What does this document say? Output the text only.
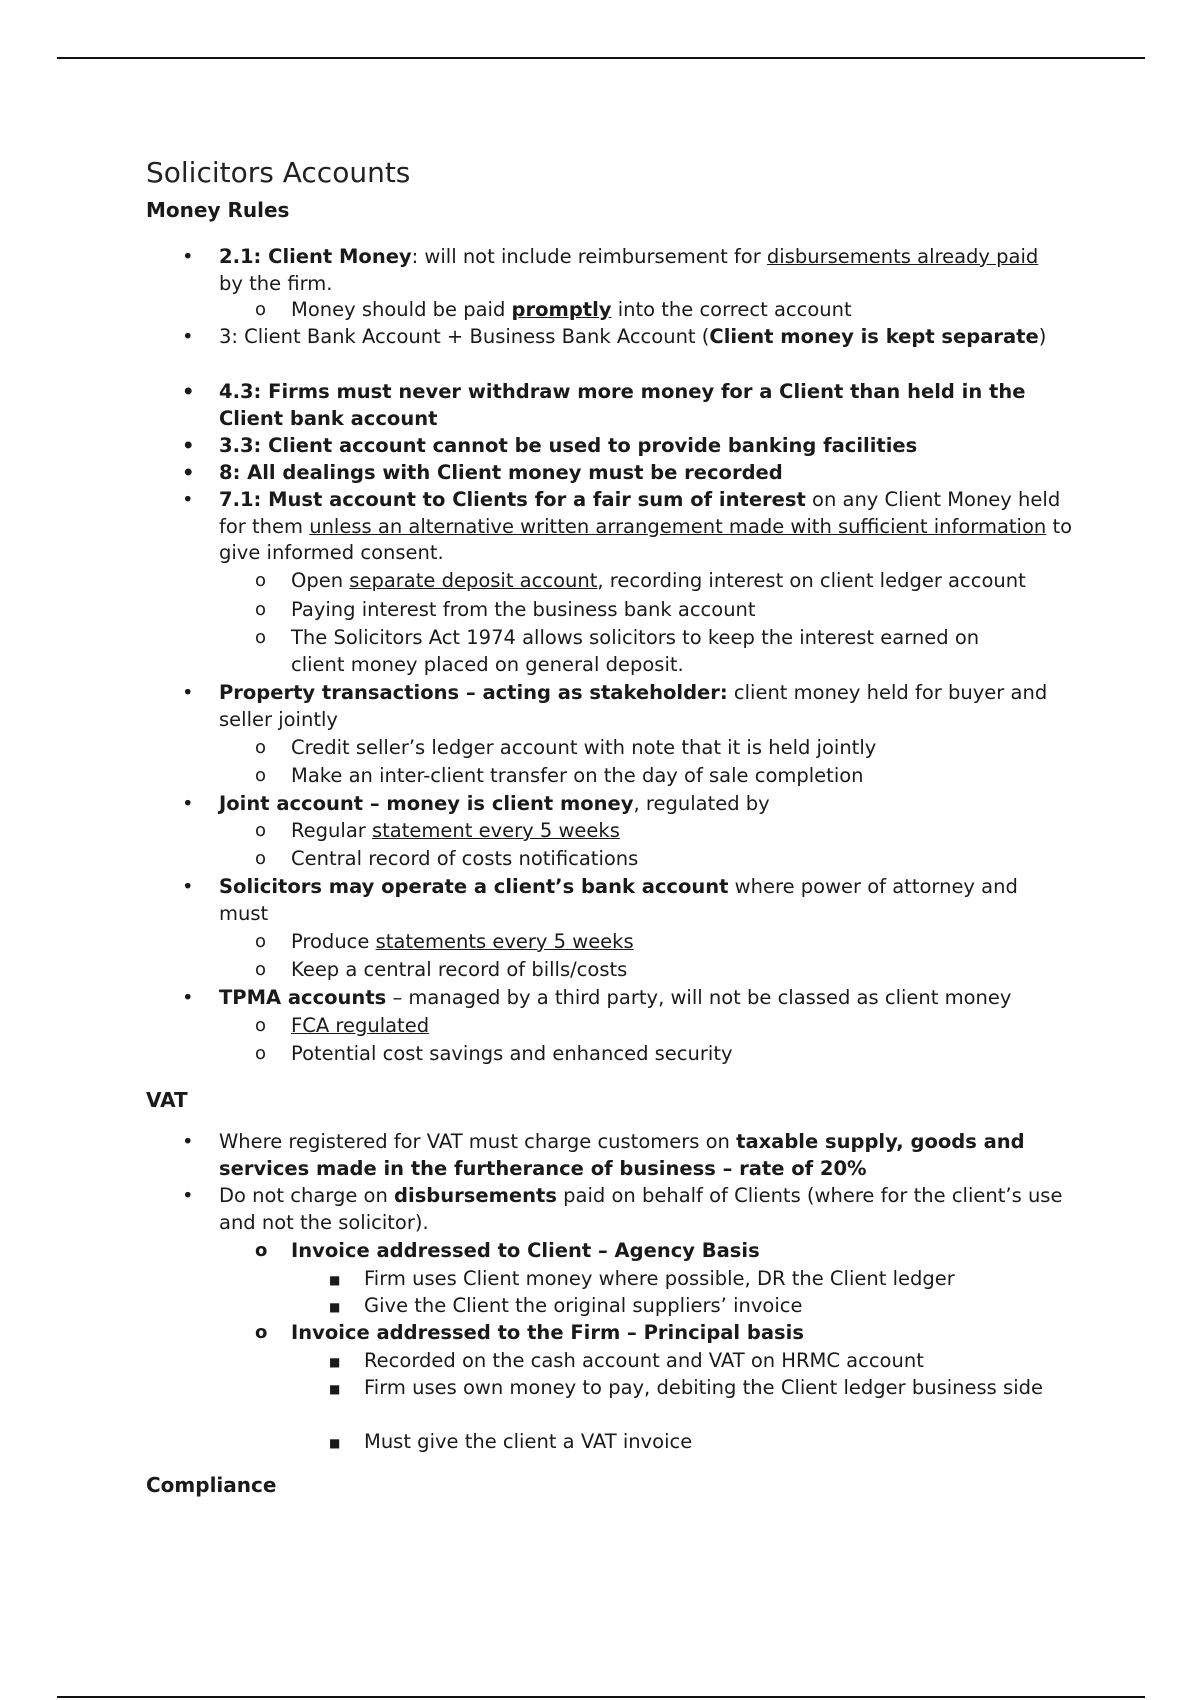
Solicitors Accounts
Money Rules
• 2.1: Client Money: will not include reimbursement for disbursements already paid by the firm.
o Money should be paid promptly into the correct account
• 3: Client Bank Account + Business Bank Account (Client money is kept separate)
• 4.3: Firms must never withdraw more money for a Client than held in the Client bank account
• 3.3: Client account cannot be used to provide banking facilities
• 8: All dealings with Client money must be recorded
• 7.1: Must account to Clients for a fair sum of interest on any Client Money held for them unless an alternative written arrangement made with sufficient information to give informed consent.
o Open separate deposit account, recording interest on client ledger account
o Paying interest from the business bank account
o The Solicitors Act 1974 allows solicitors to keep the interest earned on client money placed on general deposit.
• Property transactions – acting as stakeholder: client money held for buyer and seller jointly
o Credit seller’s ledger account with note that it is held jointly
o Make an inter-client transfer on the day of sale completion
• Joint account – money is client money, regulated by
o Regular statement every 5 weeks
o Central record of costs notifications
• Solicitors may operate a client’s bank account where power of attorney and must
o Produce statements every 5 weeks
o Keep a central record of bills/costs
• TPMA accounts – managed by a third party, will not be classed as client money
o FCA regulated
o Potential cost savings and enhanced security
VAT
• Where registered for VAT must charge customers on taxable supply, goods and services made in the furtherance of business – rate of 20%
• Do not charge on disbursements paid on behalf of Clients (where for the client’s use and not the solicitor).
o Invoice addressed to Client – Agency Basis
■ Firm uses Client money where possible, DR the Client ledger
■ Give the Client the original suppliers’ invoice
o Invoice addressed to the Firm – Principal basis
■ Recorded on the cash account and VAT on HRMC account
■ Firm uses own money to pay, debiting the Client ledger business side
■ Must give the client a VAT invoice
Compliance
